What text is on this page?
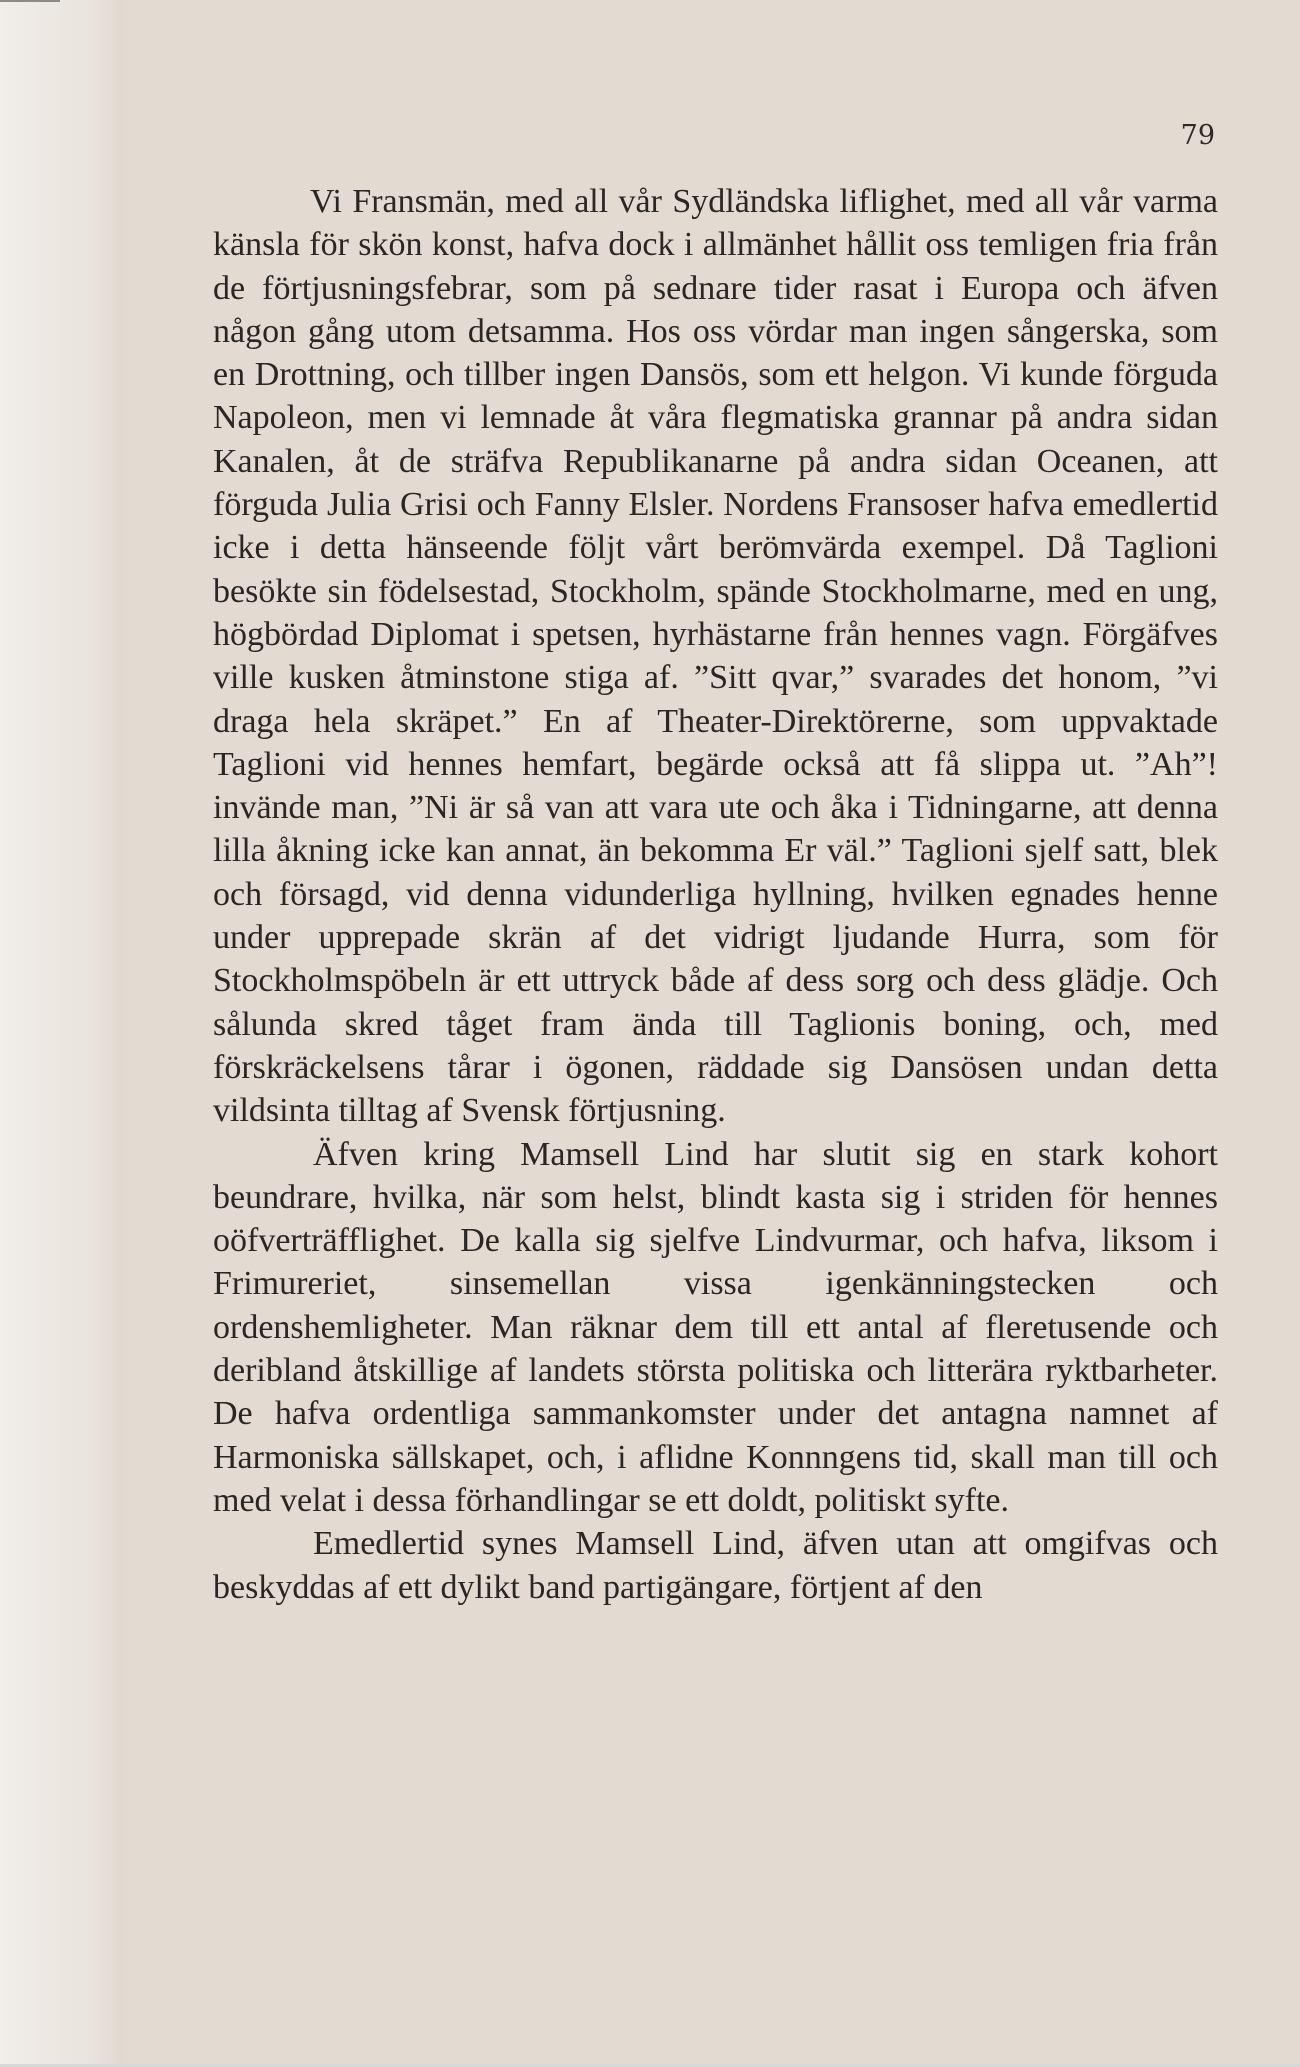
79

Vi Fransmän, med all vår Sydländska liflighet, med all vår varma känsla för skön konst, hafva dock i allmänhet hållit oss temligen fria från de förtjusningsfebrar, som på sednare tider rasat i Europa och äfven någon gång utom detsamma. Hos oss vördar man ingen sångerska, som en Drottning, och tillber ingen Dansös, som ett helgon. Vi kunde förguda Napoleon, men vi lemnade åt våra flegmatiska grannar på andra sidan Kanalen, åt de sträfva Republikanarne på andra sidan Oceanen, att förguda Julia Grisi och Fanny Elsler. Nordens Fransoser hafva emedlertid icke i detta hänseende följt vårt berömvärda exempel. Då Taglioni besökte sin födelsestad, Stockholm, spände Stockholmarne, med en ung, högbördad Diplomat i spetsen, hyrhästarne från hennes vagn. Förgäfves ville kusken åtminstone stiga af. ”Sitt qvar,” svarades det honom, ”vi draga hela skräpet.” En af Theater-Direktörerne, som uppvaktade Taglioni vid hennes hemfart, begärde också att få slippa ut. ”Ah”! invände man, ”Ni är så van att vara ute och åka i Tidningarne, att denna lilla åkning icke kan annat, än bekomma Er väl.” Taglioni sjelf satt, blek och försagd, vid denna vidunderliga hyllning, hvilken egnades henne under upprepade skrän af det vidrigt ljudande Hurra, som för Stockholmspöbeln är ett uttryck både af dess sorg och dess glädje. Och sålunda skred tåget fram ända till Taglionis boning, och, med förskräckelsens tårar i ögonen, räddade sig Dansösen undan detta vildsinta tilltag af Svensk förtjusning.

Äfven kring Mamsell Lind har slutit sig en stark kohort beundrare, hvilka, när som helst, blindt kasta sig i striden för hennes oöfverträfflighet. De kalla sig sjelfve Lindvurmar, och hafva, liksom i Frimureriet, sinsemellan vissa igenkänningstecken och ordenshemligheter. Man räknar dem till ett antal af fleretusende och deribland åtskillige af landets största politiska och litterära ryktbarheter. De hafva ordentliga sammankomster under det antagna namnet af Harmoniska sällskapet, och, i aflidne Konnngens tid, skall man till och med velat i dessa förhandlingar se ett doldt, politiskt syfte.

Emedlertid synes Mamsell Lind, äfven utan att omgifvas och beskyddas af ett dylikt band partigängare, förtjent af den
